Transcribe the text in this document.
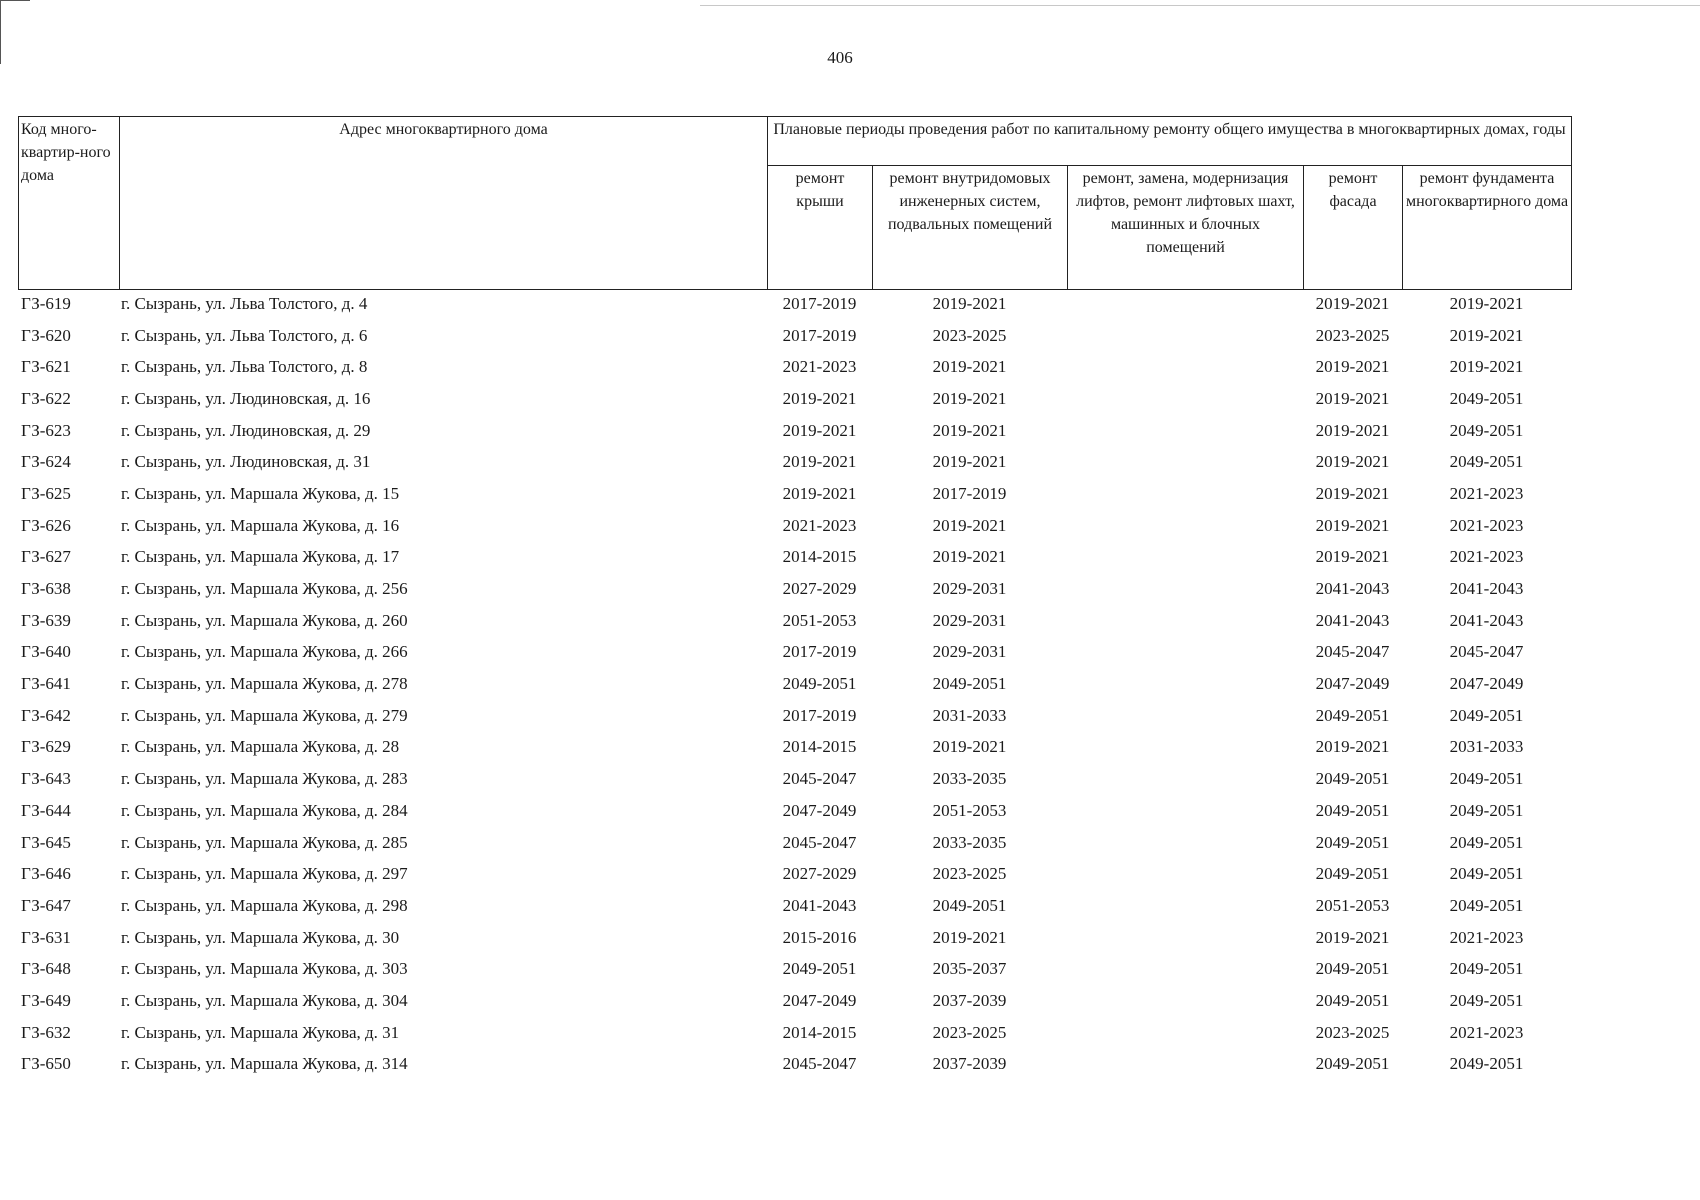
406
Код много-квартир-ного дома	Адрес многоквартирного дома	Плановые периоды проведения работ по капитальному ремонту общего имущества в многоквартирных домах, годы				
		ремонт крыши	ремонт внутридомовых инженерных систем, подвальных помещений	ремонт, замена, модернизация лифтов, ремонт лифтовых шахт, машинных и блочных помещений	ремонт фасада	ремонт фундамента многоквартирного дома
ГЗ-619	г. Сызрань, ул. Льва Толстого, д. 4	2017-2019	2019-2021		2019-2021	2019-2021
ГЗ-620	г. Сызрань, ул. Льва Толстого, д. 6	2017-2019	2023-2025		2023-2025	2019-2021
ГЗ-621	г. Сызрань, ул. Льва Толстого, д. 8	2021-2023	2019-2021		2019-2021	2019-2021
ГЗ-622	г. Сызрань, ул. Людиновская, д. 16	2019-2021	2019-2021		2019-2021	2049-2051
ГЗ-623	г. Сызрань, ул. Людиновская, д. 29	2019-2021	2019-2021		2019-2021	2049-2051
ГЗ-624	г. Сызрань, ул. Людиновская, д. 31	2019-2021	2019-2021		2019-2021	2049-2051
ГЗ-625	г. Сызрань, ул. Маршала Жукова, д. 15	2019-2021	2017-2019		2019-2021	2021-2023
ГЗ-626	г. Сызрань, ул. Маршала Жукова, д. 16	2021-2023	2019-2021		2019-2021	2021-2023
ГЗ-627	г. Сызрань, ул. Маршала Жукова, д. 17	2014-2015	2019-2021		2019-2021	2021-2023
ГЗ-638	г. Сызрань, ул. Маршала Жукова, д. 256	2027-2029	2029-2031		2041-2043	2041-2043
ГЗ-639	г. Сызрань, ул. Маршала Жукова, д. 260	2051-2053	2029-2031		2041-2043	2041-2043
ГЗ-640	г. Сызрань, ул. Маршала Жукова, д. 266	2017-2019	2029-2031		2045-2047	2045-2047
ГЗ-641	г. Сызрань, ул. Маршала Жукова, д. 278	2049-2051	2049-2051		2047-2049	2047-2049
ГЗ-642	г. Сызрань, ул. Маршала Жукова, д. 279	2017-2019	2031-2033		2049-2051	2049-2051
ГЗ-629	г. Сызрань, ул. Маршала Жукова, д. 28	2014-2015	2019-2021		2019-2021	2031-2033
ГЗ-643	г. Сызрань, ул. Маршала Жукова, д. 283	2045-2047	2033-2035		2049-2051	2049-2051
ГЗ-644	г. Сызрань, ул. Маршала Жукова, д. 284	2047-2049	2051-2053		2049-2051	2049-2051
ГЗ-645	г. Сызрань, ул. Маршала Жукова, д. 285	2045-2047	2033-2035		2049-2051	2049-2051
ГЗ-646	г. Сызрань, ул. Маршала Жукова, д. 297	2027-2029	2023-2025		2049-2051	2049-2051
ГЗ-647	г. Сызрань, ул. Маршала Жукова, д. 298	2041-2043	2049-2051		2051-2053	2049-2051
ГЗ-631	г. Сызрань, ул. Маршала Жукова, д. 30	2015-2016	2019-2021		2019-2021	2021-2023
ГЗ-648	г. Сызрань, ул. Маршала Жукова, д. 303	2049-2051	2035-2037		2049-2051	2049-2051
ГЗ-649	г. Сызрань, ул. Маршала Жукова, д. 304	2047-2049	2037-2039		2049-2051	2049-2051
ГЗ-632	г. Сызрань, ул. Маршала Жукова, д. 31	2014-2015	2023-2025		2023-2025	2021-2023
ГЗ-650	г. Сызрань, ул. Маршала Жукова, д. 314	2045-2047	2037-2039		2049-2051	2049-2051
